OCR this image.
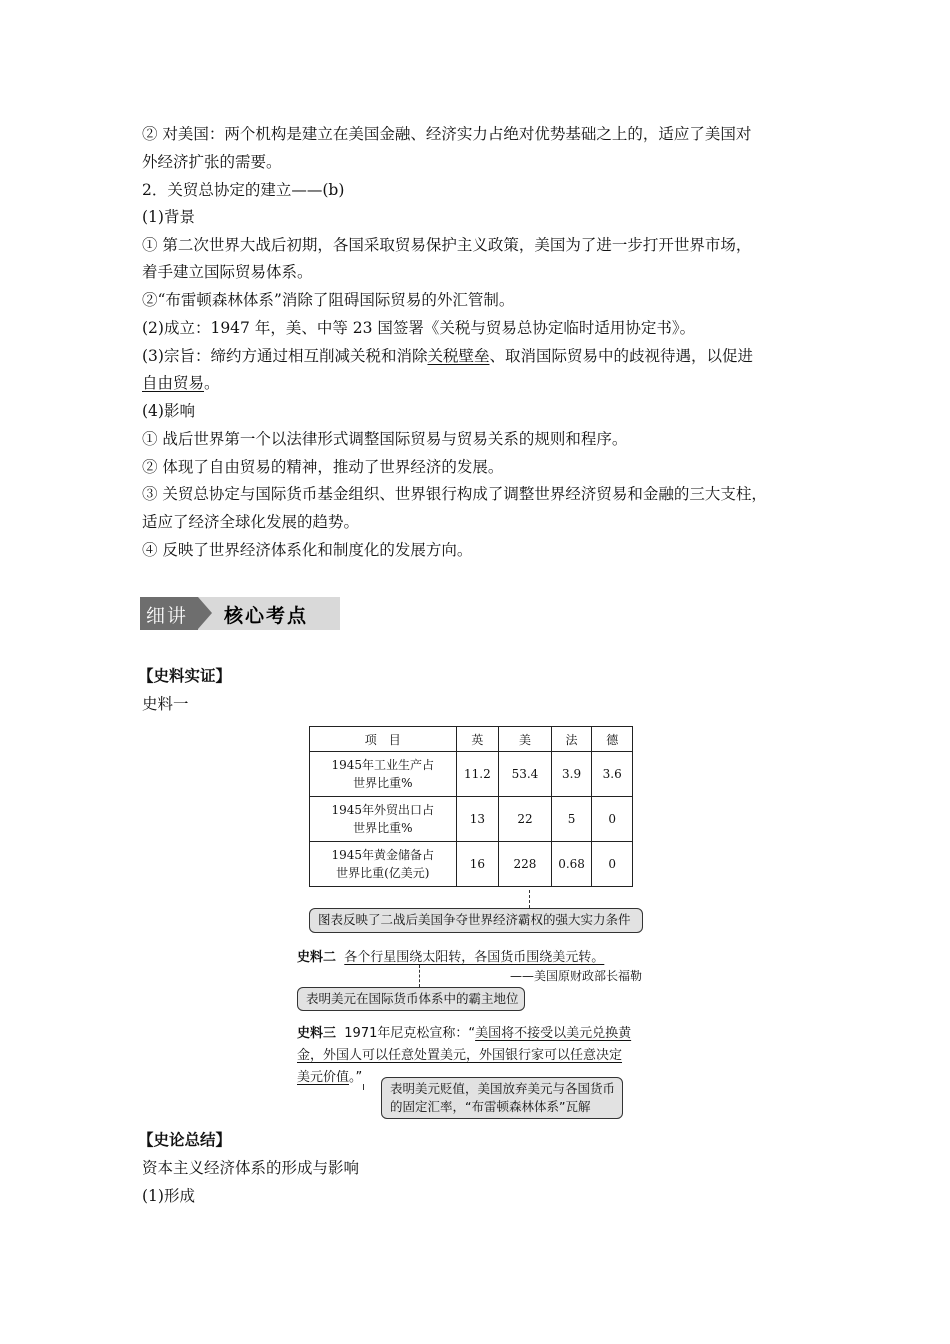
② 对美国：两个机构是建立在美国金融、经济实力占绝对优势基础之上的，适应了美国对
外经济扩张的需要。
2．关贸总协定的建立——(b)
(1)背景
① 第二次世界大战后初期，各国采取贸易保护主义政策，美国为了进一步打开世界市场，
着手建立国际贸易体系。
②“布雷顿森林体系”消除了阻碍国际贸易的外汇管制。
(2)成立：1947 年，美、中等 23 国签署《关税与贸易总协定临时适用协定书》。
(3)宗旨：缔约方通过相互削减关税和消除关税壁垒、取消国际贸易中的歧视待遇，以促进
自由贸易。
(4)影响
① 战后世界第一个以法律形式调整国际贸易与贸易关系的规则和程序。
② 体现了自由贸易的精神，推动了世界经济的发展。
③ 关贸总协定与国际货币基金组织、世界银行构成了调整世界经济贸易和金融的三大支柱，
适应了经济全球化发展的趋势。
④ 反映了世界经济体系化和制度化的发展方向。
细讲 核心考点
【史料实证】
史料一
项　目	英	美	法	德
1945年工业生产占
世界比重%	11.2	53.4	3.9	3.6
1945年外贸出口占
世界比重%	13	22	5	0
1945年黄金储备占
世界比重(亿美元)	16	228	0.68	0
图表反映了二战后美国争夺世界经济霸权的强大实力条件
史料二 各个行星围绕太阳转，各国货币围绕美元转。
——美国原财政部长福勒
表明美元在国际货币体系中的霸主地位
史料三 1971年尼克松宣称：“美国将不接受以美元兑换黄
金，外国人可以任意处置美元，外国银行家可以任意决定
美元价值。”
表明美元贬值，美国放弃美元与各国货币
的固定汇率，“布雷顿森林体系”瓦解
【史论总结】
资本主义经济体系的形成与影响
(1)形成
